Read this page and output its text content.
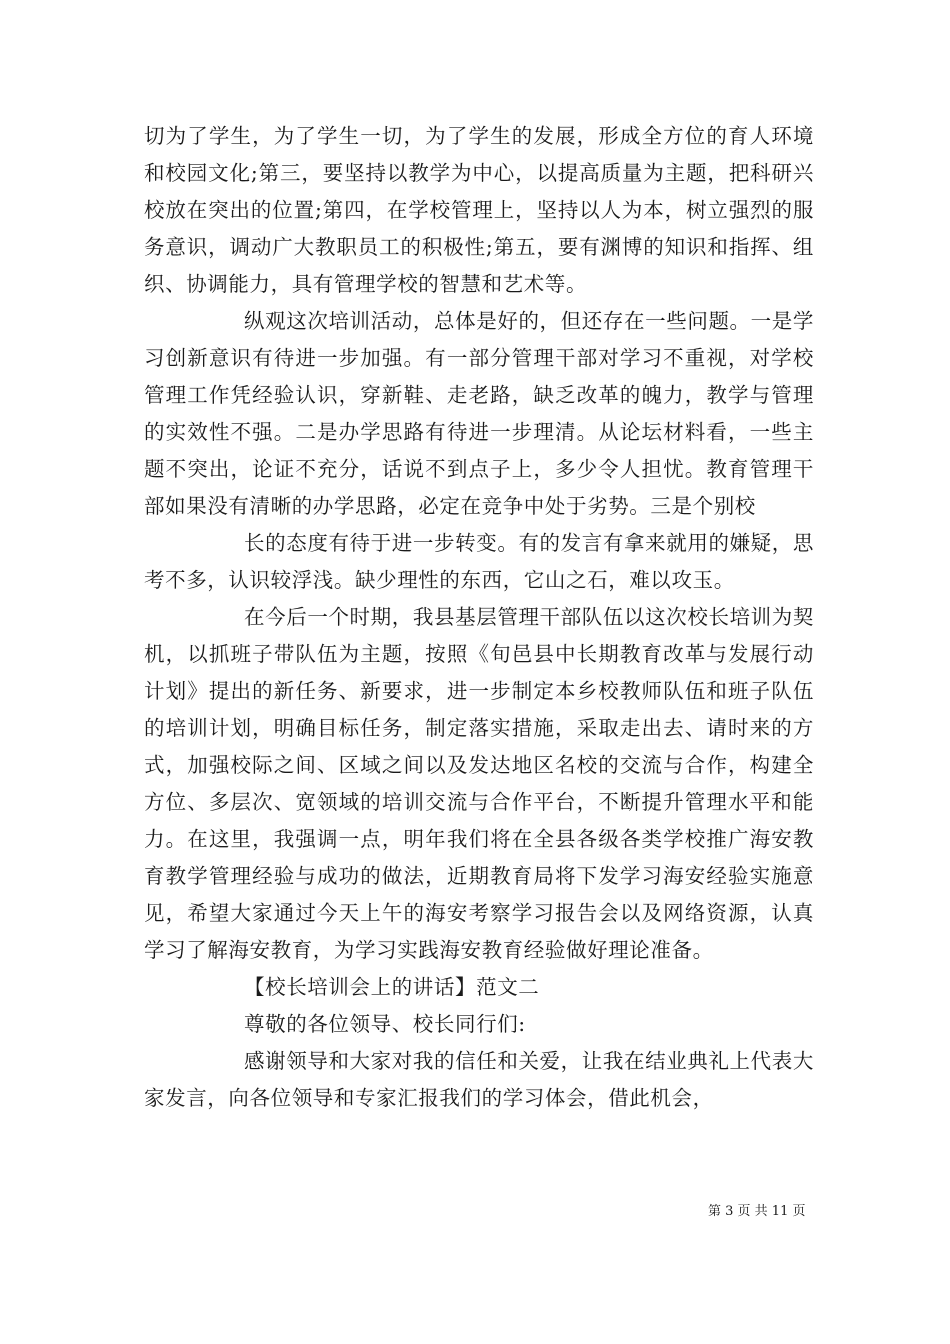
切为了学生，为了学生一切，为了学生的发展，形成全方位的育人环境和校园文化;第三，要坚持以教学为中心，以提高质量为主题，把科研兴校放在突出的位置;第四，在学校管理上，坚持以人为本，树立强烈的服务意识，调动广大教职员工的积极性;第五，要有渊博的知识和指挥、组织、协调能力，具有管理学校的智慧和艺术等。

纵观这次培训活动，总体是好的，但还存在一些问题。一是学习创新意识有待进一步加强。有一部分管理干部对学习不重视，对学校管理工作凭经验认识，穿新鞋、走老路，缺乏改革的魄力，教学与管理的实效性不强。二是办学思路有待进一步理清。从论坛材料看，一些主题不突出，论证不充分，话说不到点子上，多少令人担忧。教育管理干部如果没有清晰的办学思路，必定在竞争中处于劣势。三是个别校

长的态度有待于进一步转变。有的发言有拿来就用的嫌疑，思考不多，认识较浮浅。缺少理性的东西，它山之石，难以攻玉。

在今后一个时期，我县基层管理干部队伍以这次校长培训为契机，以抓班子带队伍为主题，按照《旬邑县中长期教育改革与发展行动计划》提出的新任务、新要求，进一步制定本乡校教师队伍和班子队伍的培训计划，明确目标任务，制定落实措施，采取走出去、请时来的方式，加强校际之间、区域之间以及发达地区名校的交流与合作，构建全方位、多层次、宽领域的培训交流与合作平台，不断提升管理水平和能力。在这里，我强调一点，明年我们将在全县各级各类学校推广海安教育教学管理经验与成功的做法，近期教育局将下发学习海安经验实施意见，希望大家通过今天上午的海安考察学习报告会以及网络资源，认真学习了解海安教育，为学习实践海安教育经验做好理论准备。

【校长培训会上的讲话】范文二

尊敬的各位领导、校长同行们:

感谢领导和大家对我的信任和关爱，让我在结业典礼上代表大家发言，向各位领导和专家汇报我们的学习体会，借此机会，

第 3 页 共 11 页
